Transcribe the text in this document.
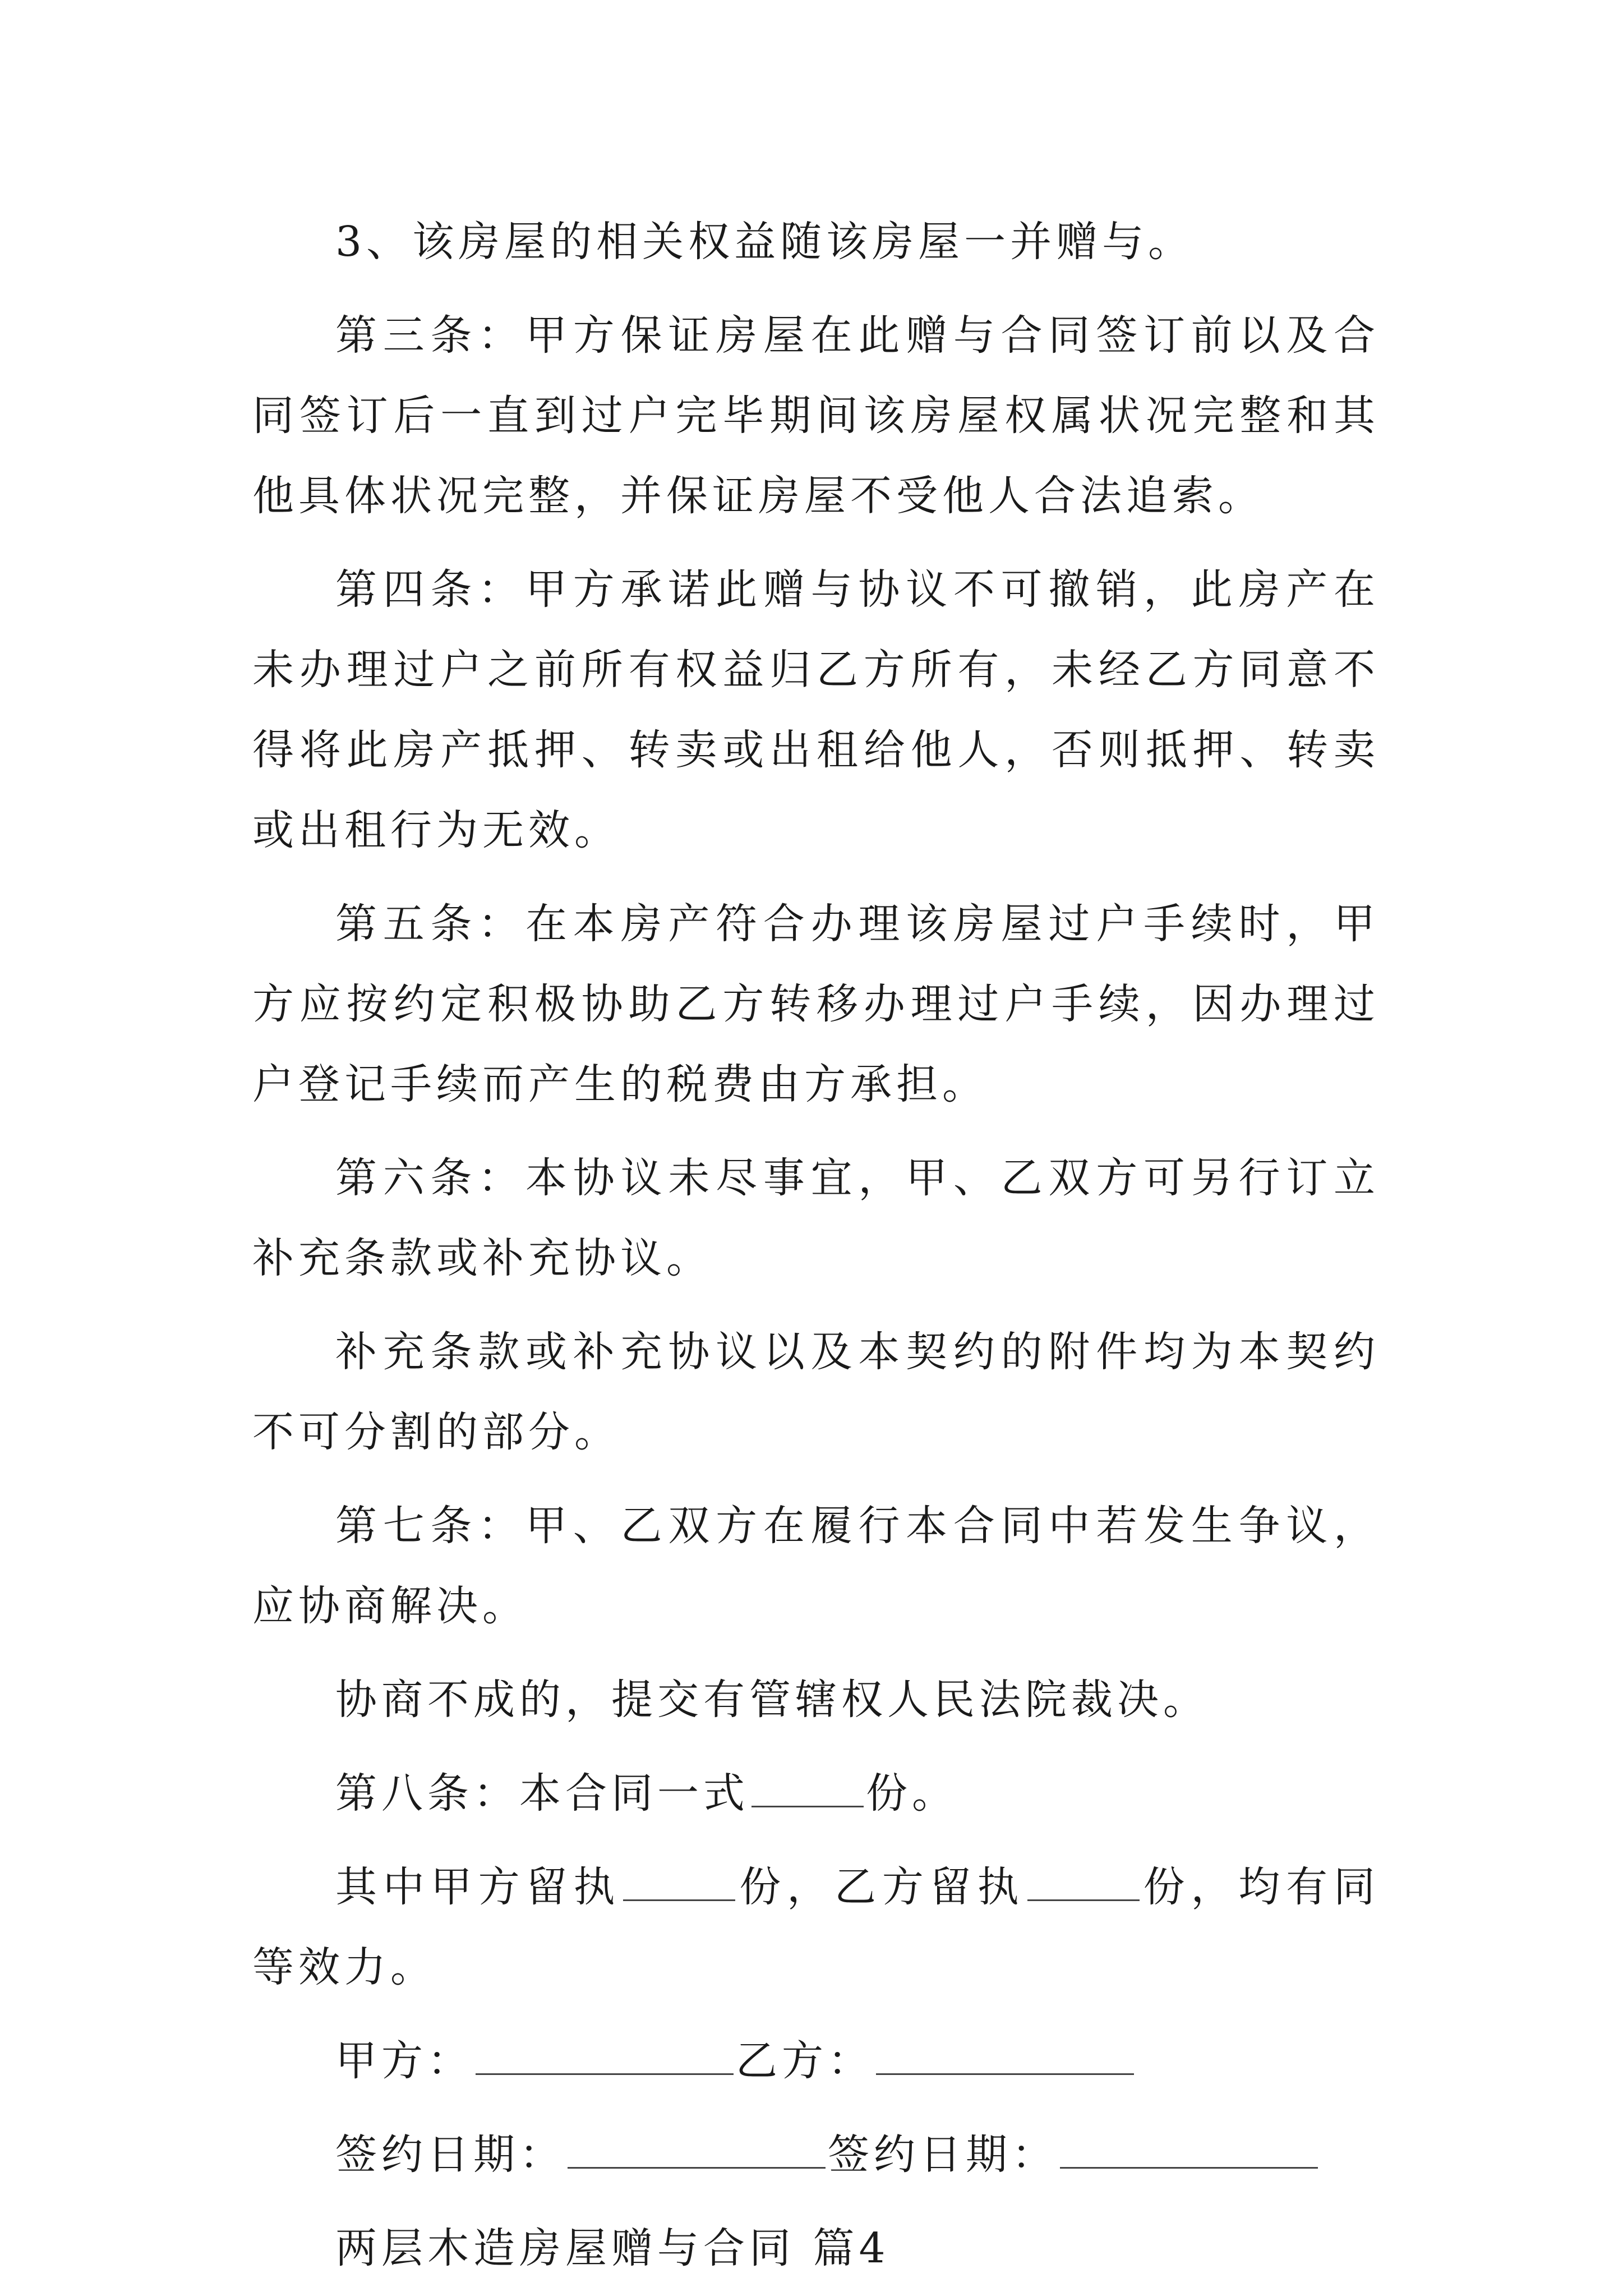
3、该房屋的相关权益随该房屋一并赠与。

第三条：甲方保证房屋在此赠与合同签订前以及合同签订后一直到过户完毕期间该房屋权属状况完整和其他具体状况完整，并保证房屋不受他人合法追索。

第四条：甲方承诺此赠与协议不可撤销，此房产在未办理过户之前所有权益归乙方所有，未经乙方同意不得将此房产抵押、转卖或出租给他人，否则抵押、转卖或出租行为无效。

第五条：在本房产符合办理该房屋过户手续时，甲方应按约定积极协助乙方转移办理过户手续，因办理过户登记手续而产生的税费由方承担。

第六条：本协议未尽事宜，甲、乙双方可另行订立补充条款或补充协议。

补充条款或补充协议以及本契约的附件均为本契约不可分割的部分。

第七条：甲、乙双方在履行本合同中若发生争议，应协商解决。

协商不成的，提交有管辖权人民法院裁决。

第八条：本合同一式	份。

其中甲方留执	份，乙方留执	份，均有同等效力。

甲方：	乙方：
签约日期：	签约日期：

两层木造房屋赠与合同 篇4
